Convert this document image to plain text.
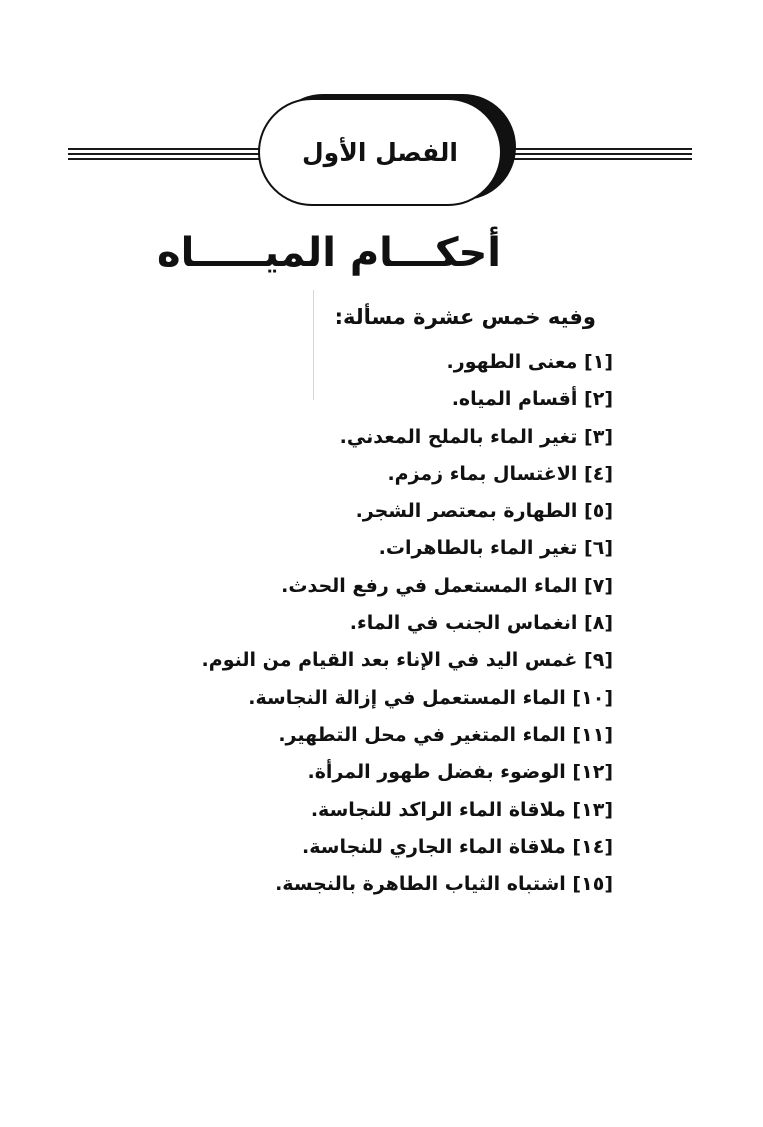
الفصل الأول
أحكـــام الميـــــاه
وفيه خمس عشرة مسألة:
[١] معنى الطهور.
[٢] أقسام المياه.
[٣] تغير الماء بالملح المعدني.
[٤] الاغتسال بماء زمزم.
[٥] الطهارة بمعتصر الشجر.
[٦] تغير الماء بالطاهرات.
[٧] الماء المستعمل في رفع الحدث.
[٨] انغماس الجنب في الماء.
[٩] غمس اليد في الإناء بعد القيام من النوم.
[١٠] الماء المستعمل في إزالة النجاسة.
[١١] الماء المتغير في محل التطهير.
[١٢] الوضوء بفضل طهور المرأة.
[١٣] ملاقاة الماء الراكد للنجاسة.
[١٤] ملاقاة الماء الجاري للنجاسة.
[١٥] اشتباه الثياب الطاهرة بالنجسة.
